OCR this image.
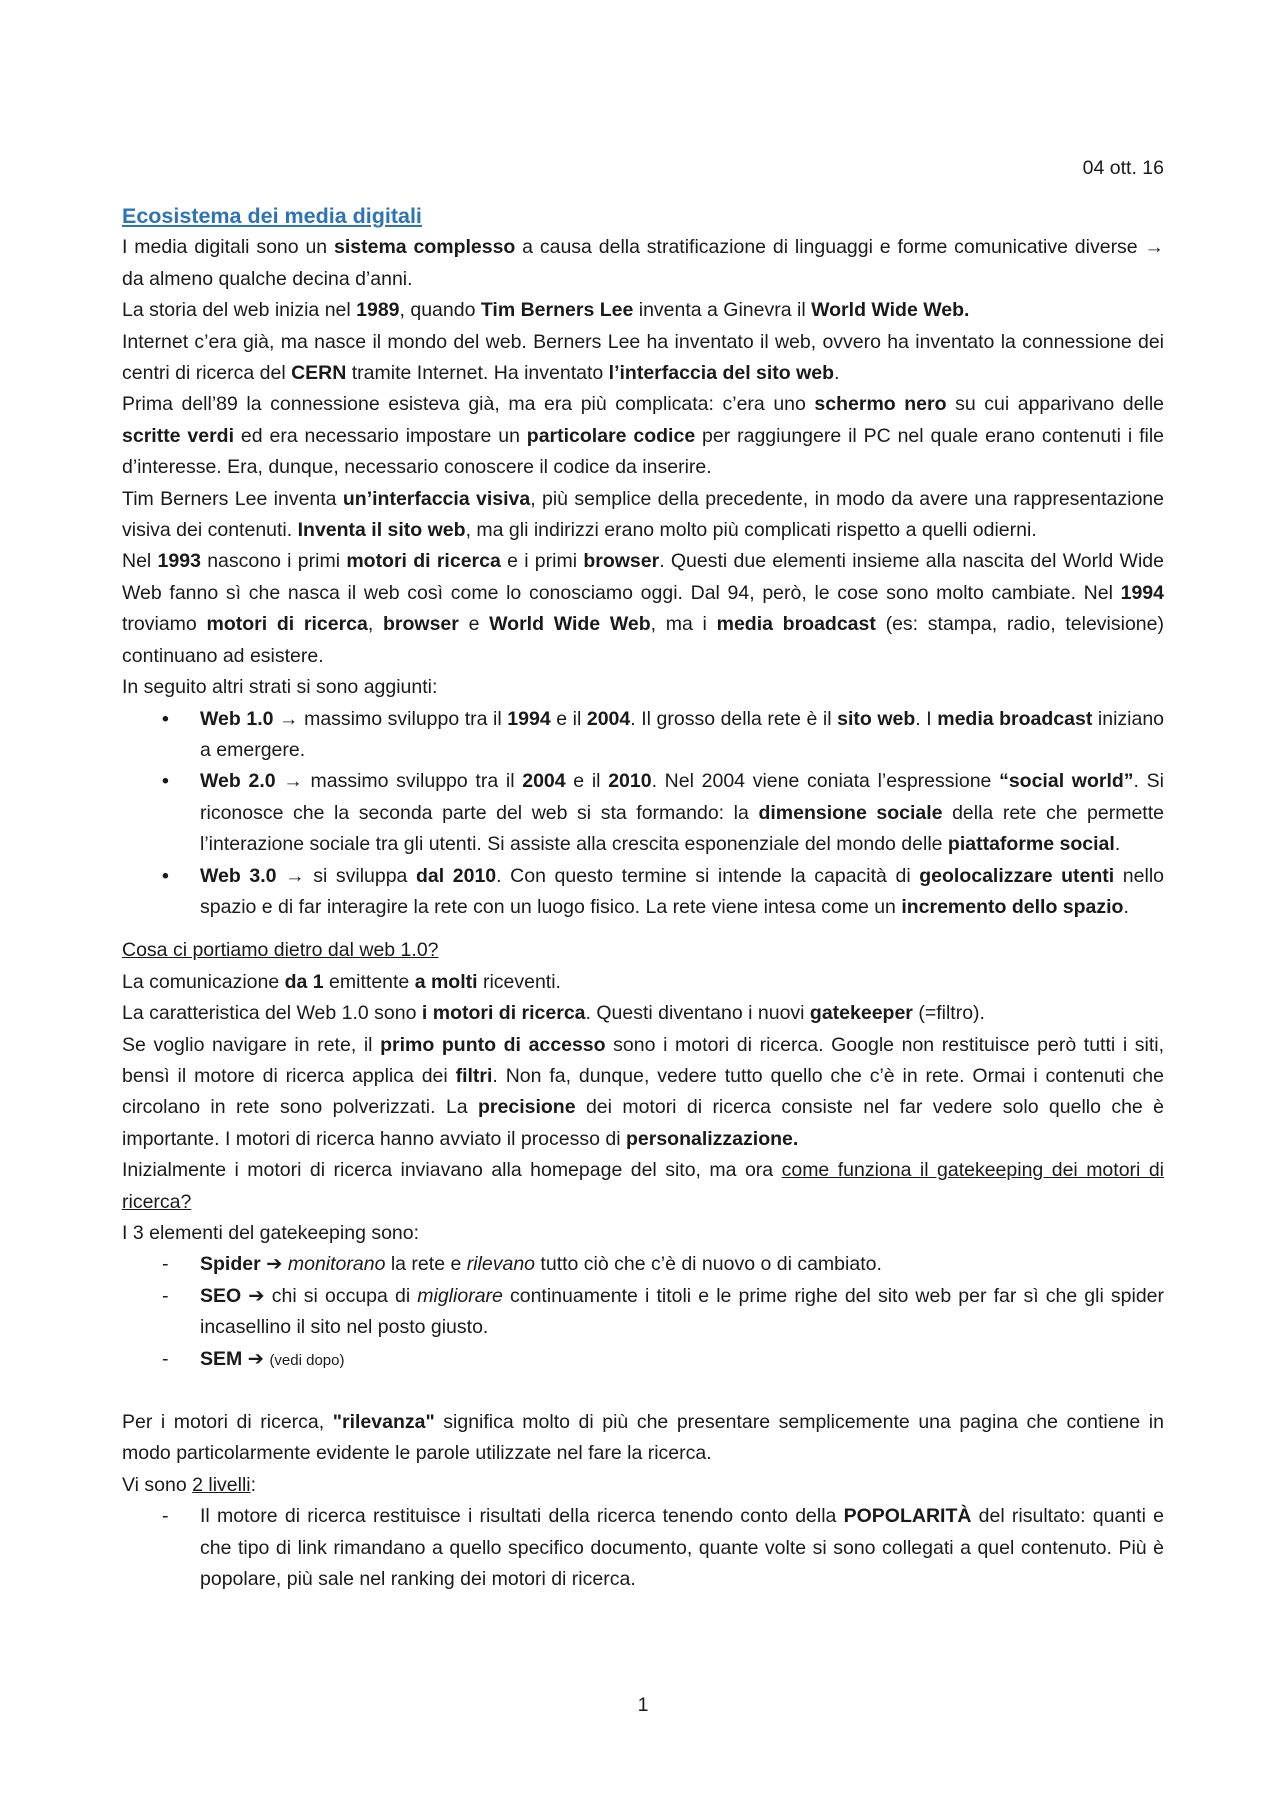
04 ott. 16
Ecosistema dei media digitali

I media digitali sono un sistema complesso a causa della stratificazione di linguaggi e forme comunicative diverse → da almeno qualche decina d’anni.

La storia del web inizia nel 1989, quando Tim Berners Lee inventa a Ginevra il World Wide Web.

Internet c’era già, ma nasce il mondo del web. Berners Lee ha inventato il web, ovvero ha inventato la connessione dei centri di ricerca del CERN tramite Internet. Ha inventato l’interfaccia del sito web.

Prima dell’89 la connessione esisteva già, ma era più complicata: c’era uno schermo nero su cui apparivano delle scritte verdi ed era necessario impostare un particolare codice per raggiungere il PC nel quale erano contenuti i file d’interesse. Era, dunque, necessario conoscere il codice da inserire.

Tim Berners Lee inventa un’interfaccia visiva, più semplice della precedente, in modo da avere una rappresentazione visiva dei contenuti. Inventa il sito web, ma gli indirizzi erano molto più complicati rispetto a quelli odierni.

Nel 1993 nascono i primi motori di ricerca e i primi browser. Questi due elementi insieme alla nascita del World Wide Web fanno sì che nasca il web così come lo conosciamo oggi. Dal 94, però, le cose sono molto cambiate. Nel 1994 troviamo motori di ricerca, browser e World Wide Web, ma i media broadcast (es: stampa, radio, televisione) continuano ad esistere.

In seguito altri strati si sono aggiunti:

• Web 1.0 → massimo sviluppo tra il 1994 e il 2004. Il grosso della rete è il sito web. I media broadcast iniziano a emergere.
• Web 2.0 → massimo sviluppo tra il 2004 e il 2010. Nel 2004 viene coniata l’espressione “social world”. Si riconosce che la seconda parte del web si sta formando: la dimensione sociale della rete che permette l’interazione sociale tra gli utenti. Si assiste alla crescita esponenziale del mondo delle piattaforme social.
• Web 3.0 → si sviluppa dal 2010. Con questo termine si intende la capacità di geolocalizzare utenti nello spazio e di far interagire la rete con un luogo fisico. La rete viene intesa come un incremento dello spazio.

Cosa ci portiamo dietro dal web 1.0?

La comunicazione da 1 emittente a molti riceventi.

La caratteristica del Web 1.0 sono i motori di ricerca. Questi diventano i nuovi gatekeeper (=filtro).

Se voglio navigare in rete, il primo punto di accesso sono i motori di ricerca. Google non restituisce però tutti i siti, bensì il motore di ricerca applica dei filtri. Non fa, dunque, vedere tutto quello che c’è in rete. Ormai i contenuti che circolano in rete sono polverizzati. La precisione dei motori di ricerca consiste nel far vedere solo quello che è importante. I motori di ricerca hanno avviato il processo di personalizzazione.

Inizialmente i motori di ricerca inviavano alla homepage del sito, ma ora come funziona il gatekeeping dei motori di ricerca?

I 3 elementi del gatekeeping sono:

- Spider ➔ monitorano la rete e rilevano tutto ciò che c’è di nuovo o di cambiato.
- SEO ➔ chi si occupa di migliorare continuamente i titoli e le prime righe del sito web per far sì che gli spider incasellino il sito nel posto giusto.
- SEM ➔ (vedi dopo)

Per i motori di ricerca, "rilevanza" significa molto di più che presentare semplicemente una pagina che contiene in modo particolarmente evidente le parole utilizzate nel fare la ricerca.

Vi sono 2 livelli:

- Il motore di ricerca restituisce i risultati della ricerca tenendo conto della POPOLARITÀ del risultato: quanti e che tipo di link rimandano a quello specifico documento, quante volte si sono collegati a quel contenuto. Più è popolare, più sale nel ranking dei motori di ricerca.
1
